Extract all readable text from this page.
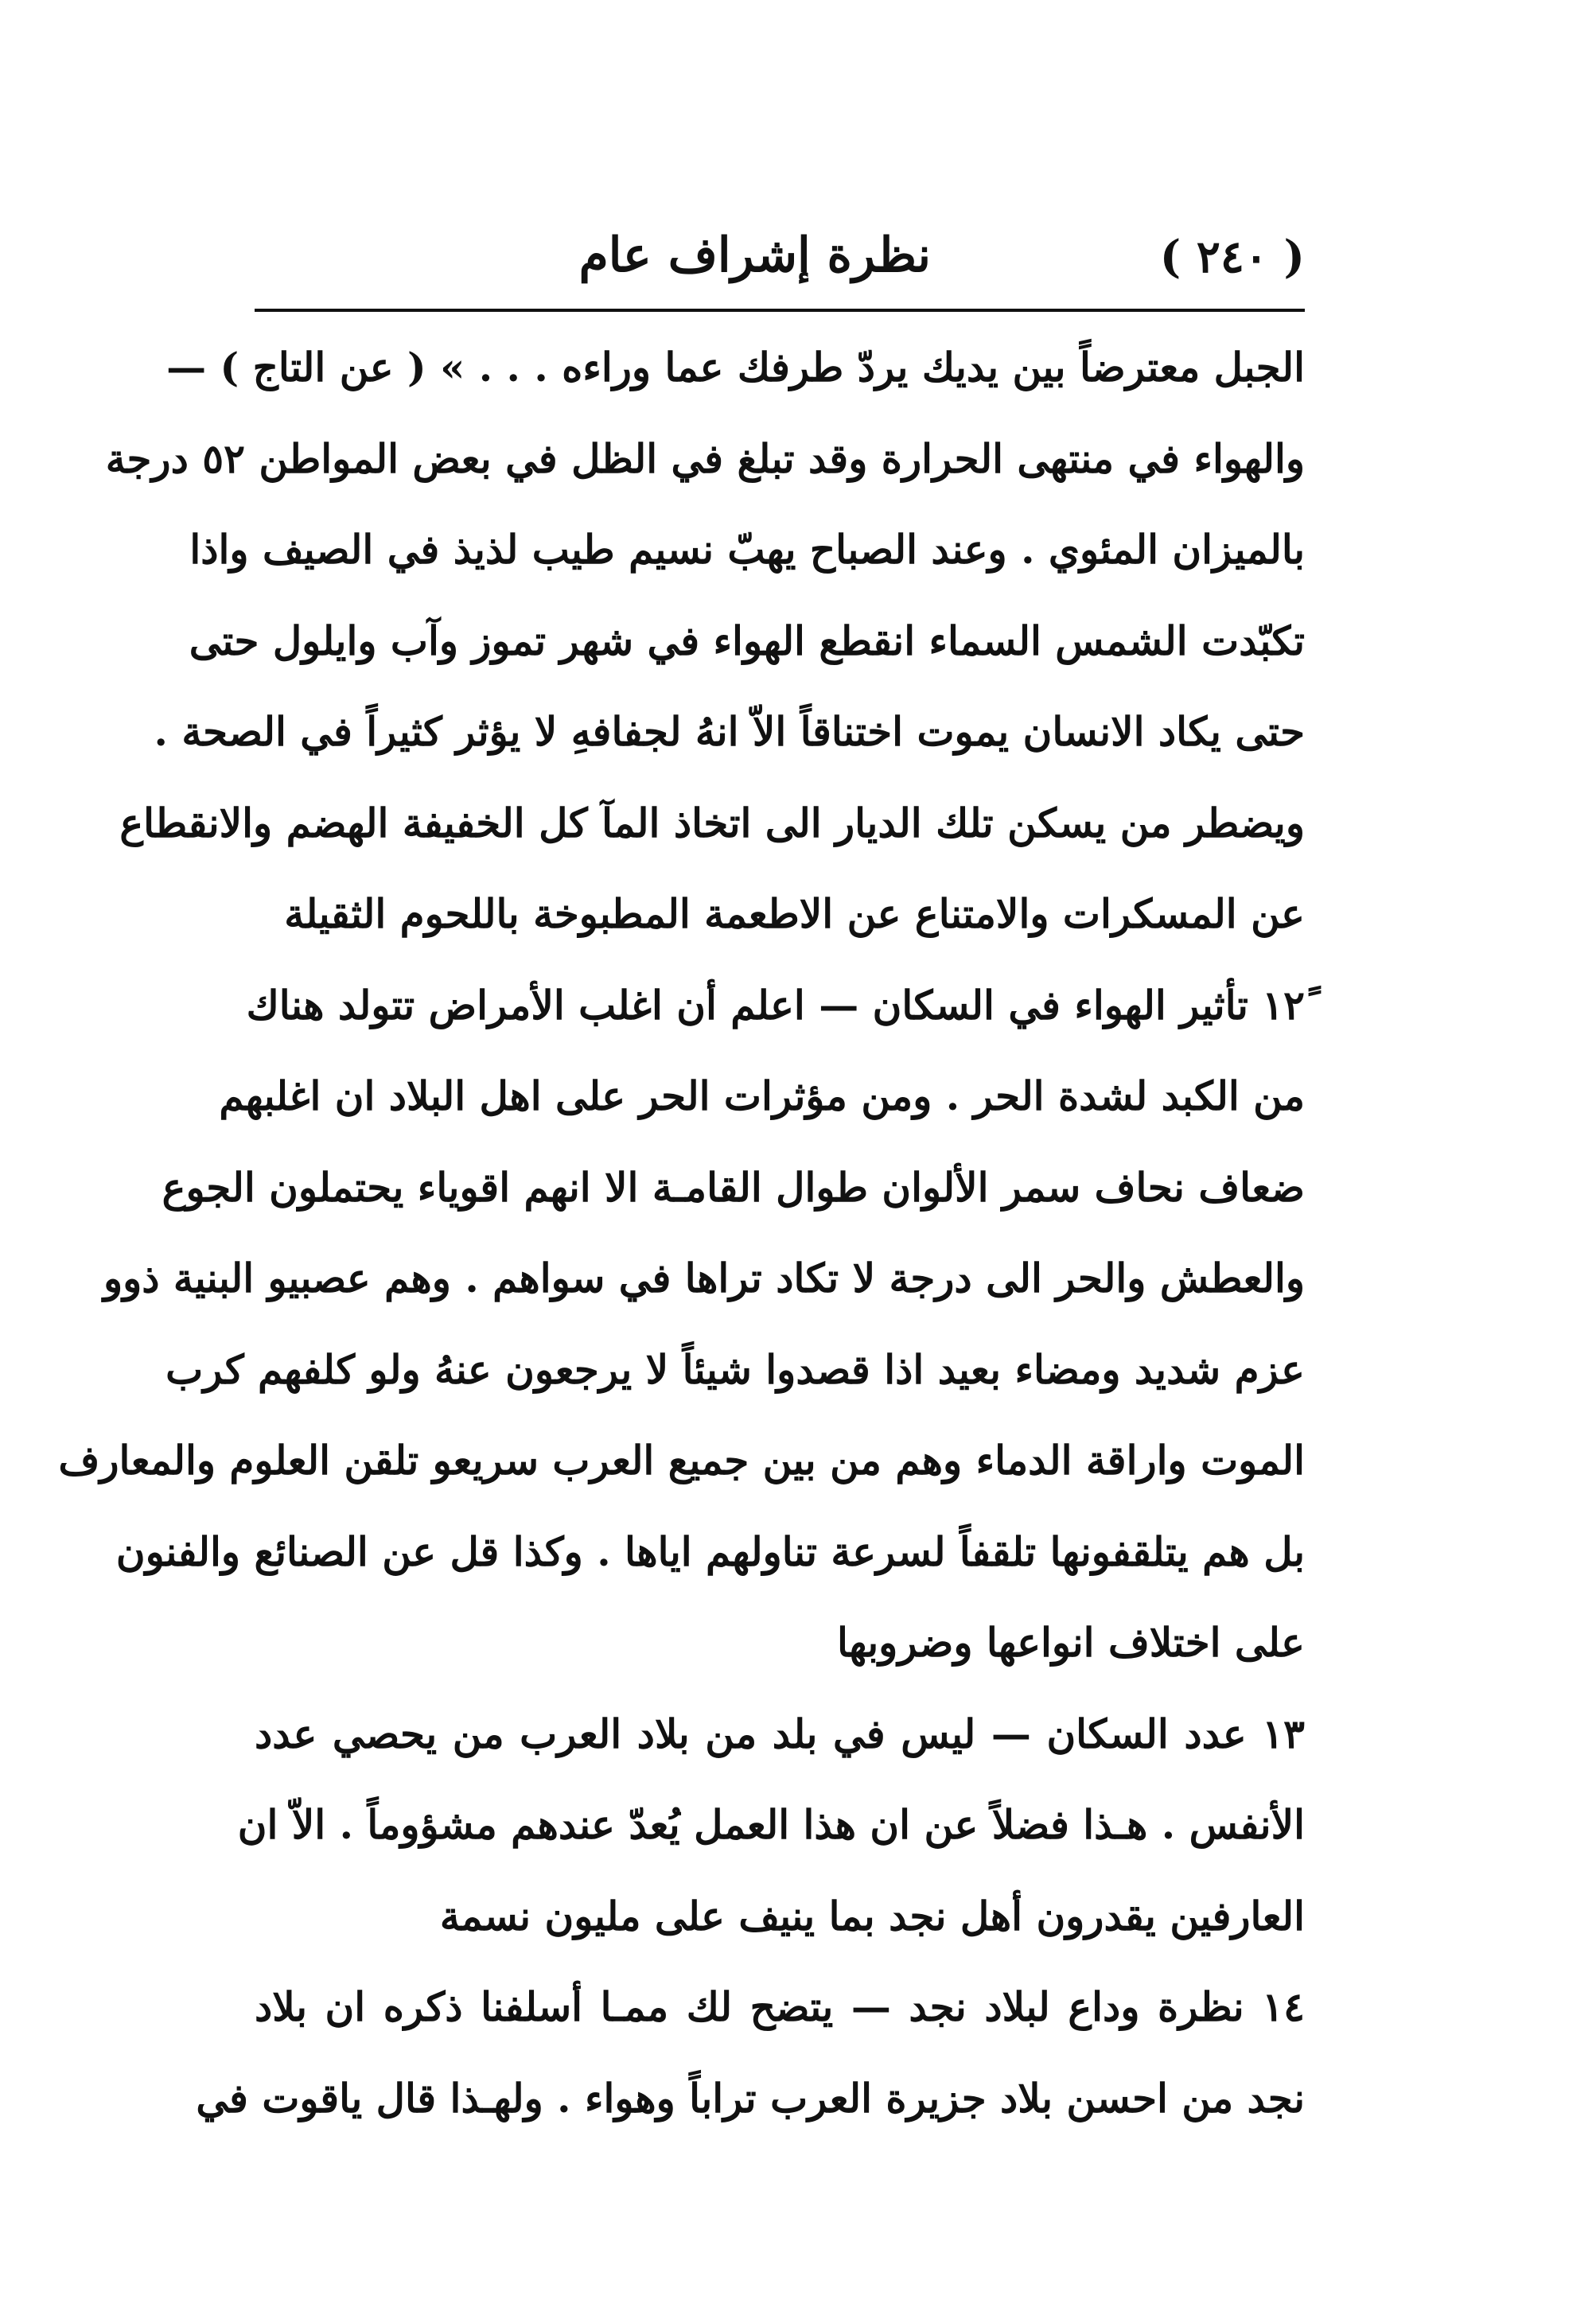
( ٢٤٠ )
نظرة إشراف عام
الجبل معترضاً بين يديك يردّ طرفك عما وراءه . . . » ( عن التاج ) —
والهواء في منتهى الحرارة وقد تبلغ في الظل في بعض المواطن ٥٢ درجة
بالميزان المئوي . وعند الصباح يهبّ نسيم طيب لذيذ في الصيف واذا
تكبّدت الشمس السماء انقطع الهواء في شهر تموز وآب وايلول حتى
حتى يكاد الانسان يموت اختناقاً الاّ انهُ لجفافهِ لا يؤثر كثيراً في الصحة .
ويضطر من يسكن تلك الديار الى اتخاذ المآ كل الخفيفة الهضم والانقطاع
عن المسكرات والامتناع عن الاطعمة المطبوخة باللحوم الثقيلة
١٢ً تأثير الهواء في السكان — اعلم أن اغلب الأمراض تتولد هناك
من الكبد لشدة الحر . ومن مؤثرات الحر على اهل البلاد ان اغلبهم
ضعاف نحاف سمر الألوان طوال القامـة الا انهم اقوياء يحتملون الجوع
والعطش والحر الى درجة لا تكاد تراها في سواهم . وهم عصبيو البنية ذوو
عزم شديد ومضاء بعيد اذا قصدوا شيئاً لا يرجعون عنهُ ولو كلفهم كرب
الموت واراقة الدماء وهم من بين جميع العرب سريعو تلقن العلوم والمعارف
بل هم يتلقفونها تلقفاً لسرعة تناولهم اياها . وكذا قل عن الصنائع والفنون
على اختلاف انواعها وضروبها
١٣ عدد السكان — ليس في بلد من بلاد العرب من يحصي عدد
الأنفس . هـذا فضلاً عن ان هذا العمل يُعدّ عندهم مشؤوماً . الاّ ان
العارفين يقدرون أهل نجد بما ينيف على مليون نسمة
١٤ نظرة وداع لبلاد نجد — يتضح لك ممـا أسلفنا ذكره ان بلاد
نجد من احسن بلاد جزيرة العرب تراباً وهواء . ولهـذا قال ياقوت في
